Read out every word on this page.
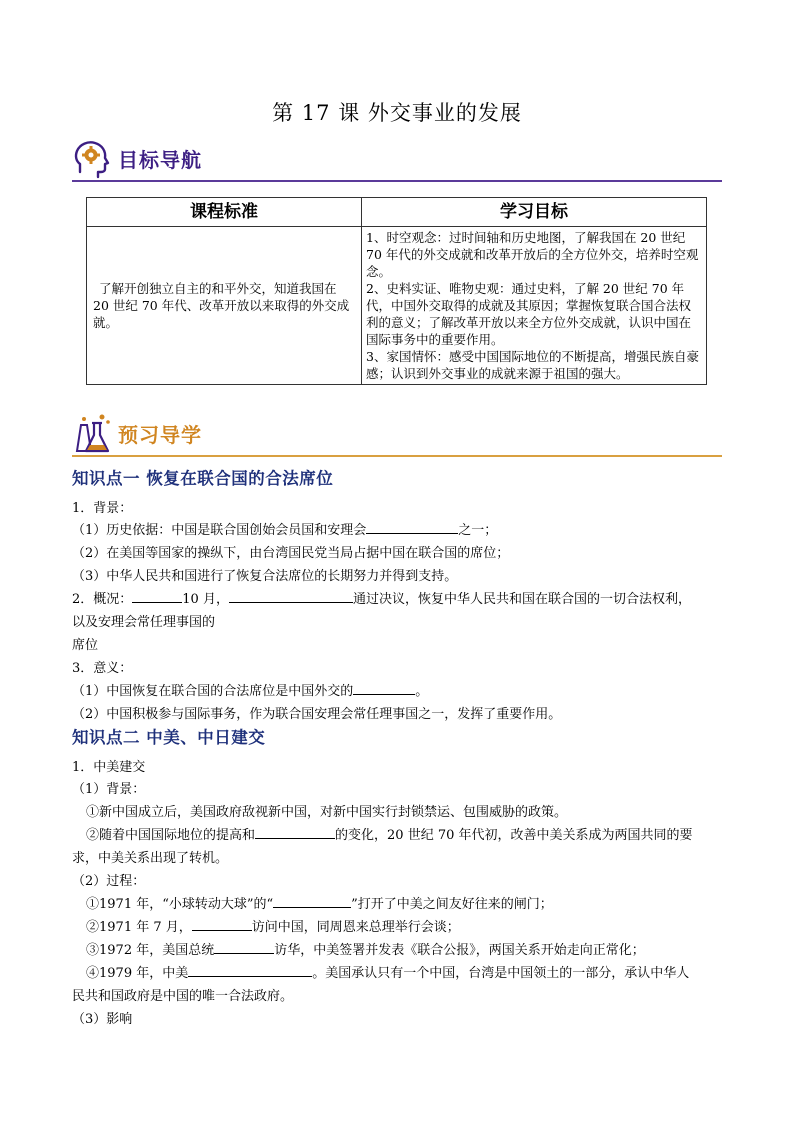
第 17 课 外交事业的发展
目标导航
课程标准	学习目标

了解开创独立自主的和平外交，知道我国在 20 世纪 70 年代、改革开放以来取得的外交成就。	1、时空观念：过时间轴和历史地图，了解我国在 20 世纪 70 年代的外交成就和改革开放后的全方位外交，培养时空观念。
2、史料实证、唯物史观：通过史料，了解 20 世纪 70 年代，中国外交取得的成就及其原因；掌握恢复联合国合法权利的意义；了解改革开放以来全方位外交成就，认识中国在国际事务中的重要作用。
3、家国情怀：感受中国国际地位的不断提高，增强民族自豪感；认识到外交事业的成就来源于祖国的强大。
预习导学
知识点一 恢复在联合国的合法席位
1．背景：
（1）历史依据：中国是联合国创始会员国和安理会	之一；
（2）在美国等国家的操纵下，由台湾国民党当局占据中国在联合国的席位；
（3）中华人民共和国进行了恢复合法席位的长期努力并得到支持。
2．概况：	10 月，	通过决议，恢复中华人民共和国在联合国的一切合法权利，
以及安理会常任理事国的
席位
3．意义：
（1）中国恢复在联合国的合法席位是中国外交的	。
（2）中国积极参与国际事务，作为联合国安理会常任理事国之一，发挥了重要作用。
知识点二 中美、中日建交
1．中美建交
（1）背景：
①新中国成立后，美国政府敌视新中国，对新中国实行封锁禁运、包围威胁的政策。
②随着中国国际地位的提高和	的变化，20 世纪 70 年代初，改善中美关系成为两国共同的要
求，中美关系出现了转机。
（2）过程：
①1971 年，“小球转动大球”的“	”打开了中美之间友好往来的闸门；
②1971 年 7 月，	访问中国，同周恩来总理举行会谈；
③1972 年，美国总统	访华，中美签署并发表《联合公报》，两国关系开始走向正常化；
④1979 年，中美	。美国承认只有一个中国，台湾是中国领土的一部分，承认中华人
民共和国政府是中国的唯一合法政府。
（3）影响
